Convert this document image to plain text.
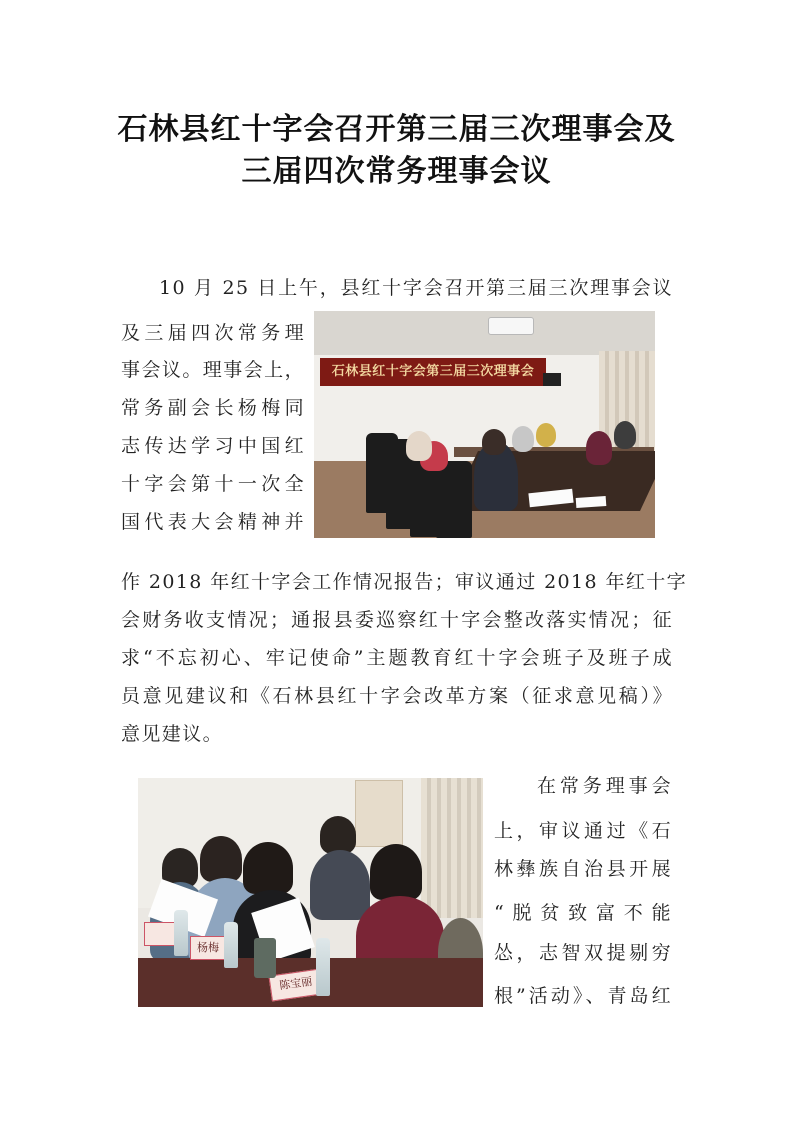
石林县红十字会召开第三届三次理事会及
三届四次常务理事会议
10 月 25 日上午，县红十字会召开第三届三次理事会议
及三届四次常务理
事会议。理事会上，
常务副会长杨梅同
志传达学习中国红
十字会第十一次全
国代表大会精神并
作 2018 年红十字会工作情况报告；审议通过 2018 年红十字
会财务收支情况；通报县委巡察红十字会整改落实情况；征
求“不忘初心、牢记使命”主题教育红十字会班子及班子成
员意见建议和《石林县红十字会改革方案（征求意见稿）》
意见建议。
石林县红十字会第三届三次理事会
杨梅
陈宝丽
在常务理事会
上，审议通过《石
林彝族自治县开展
“脱贫致富不能
怂，志智双提剔穷
根”活动》、青岛红
